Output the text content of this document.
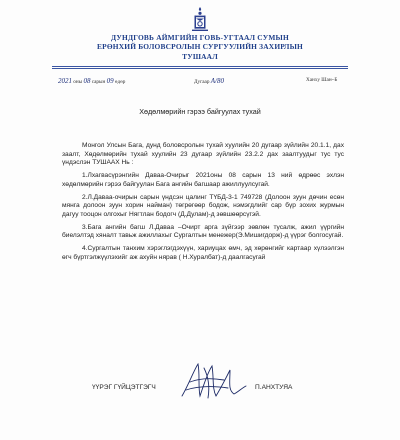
ДУНДГОВЬ АЙМГИЙН ГОВЬ-УГТААЛ СУМЫН
ЕРӨНХИЙ БОЛОВСРОЛЫН СУРГУУЛИЙН ЗАХИРЛЫН
ТУШААЛ
2021 оны 08 сарын 09 өдөр	Дугаар А/80	Ханxy Шан~Б
Хөдөлмөрийн гэрээ байгуулах тухай

Монгол Улсын Бага, дунд боловсролын тухай хуулийн 20 дугаар зүйлийн 20.1.1, дах заалт, Хөдөлмөрийн тухай хуулийн 23 дугаар зүйлийн 23.2.2 дах заалтуудыг тус тус үндэслэн ТУШААХ Нь :

1.Лхагвасүрэнгийн Даваа-Очирыг 2021оны 08 сарын 13 ний өдрөөс эхлэн хөдөлмөрийн гэрээ байгуулан Бага ангийн багшаар ажиллуулсугай.

2.Л.Даваа-очирын сарын үндсэн цалинг ТҮБД-3-1 749728 (Долоон зуун дөчин есөн мянга долоон зуун хорин найман) төгрөгөөр бодож, нэмэгдлийг сар бүр зохих журмын дагуу тооцон олгохыг Нягтлан бодогч (Д.Дулам)-д зөвшөөрсүгэй.

3.Бага ангийн багш Л.Даваа –Очирт арга зүйгээр зөвлөн тусалж, ажил үүргийн биелэлтэд хяналт тавьж ажиллахыг Сургалтын менежер(Э.Мишигдорж)-д үүрэг болгосугай.

4.Сургалтын танхим хэрэглэгдэхүүн, хариуцах өмч, эд хөрөнгийг картаар хүлээлгэн өгч бүртгэлжүүлэхийг аж ахуйн нярав ( Н.Хуралбат)-д даалгасугай

ҮҮРЭГ ГҮЙЦЭТГЭГЧ	П.АНХТУЯА
